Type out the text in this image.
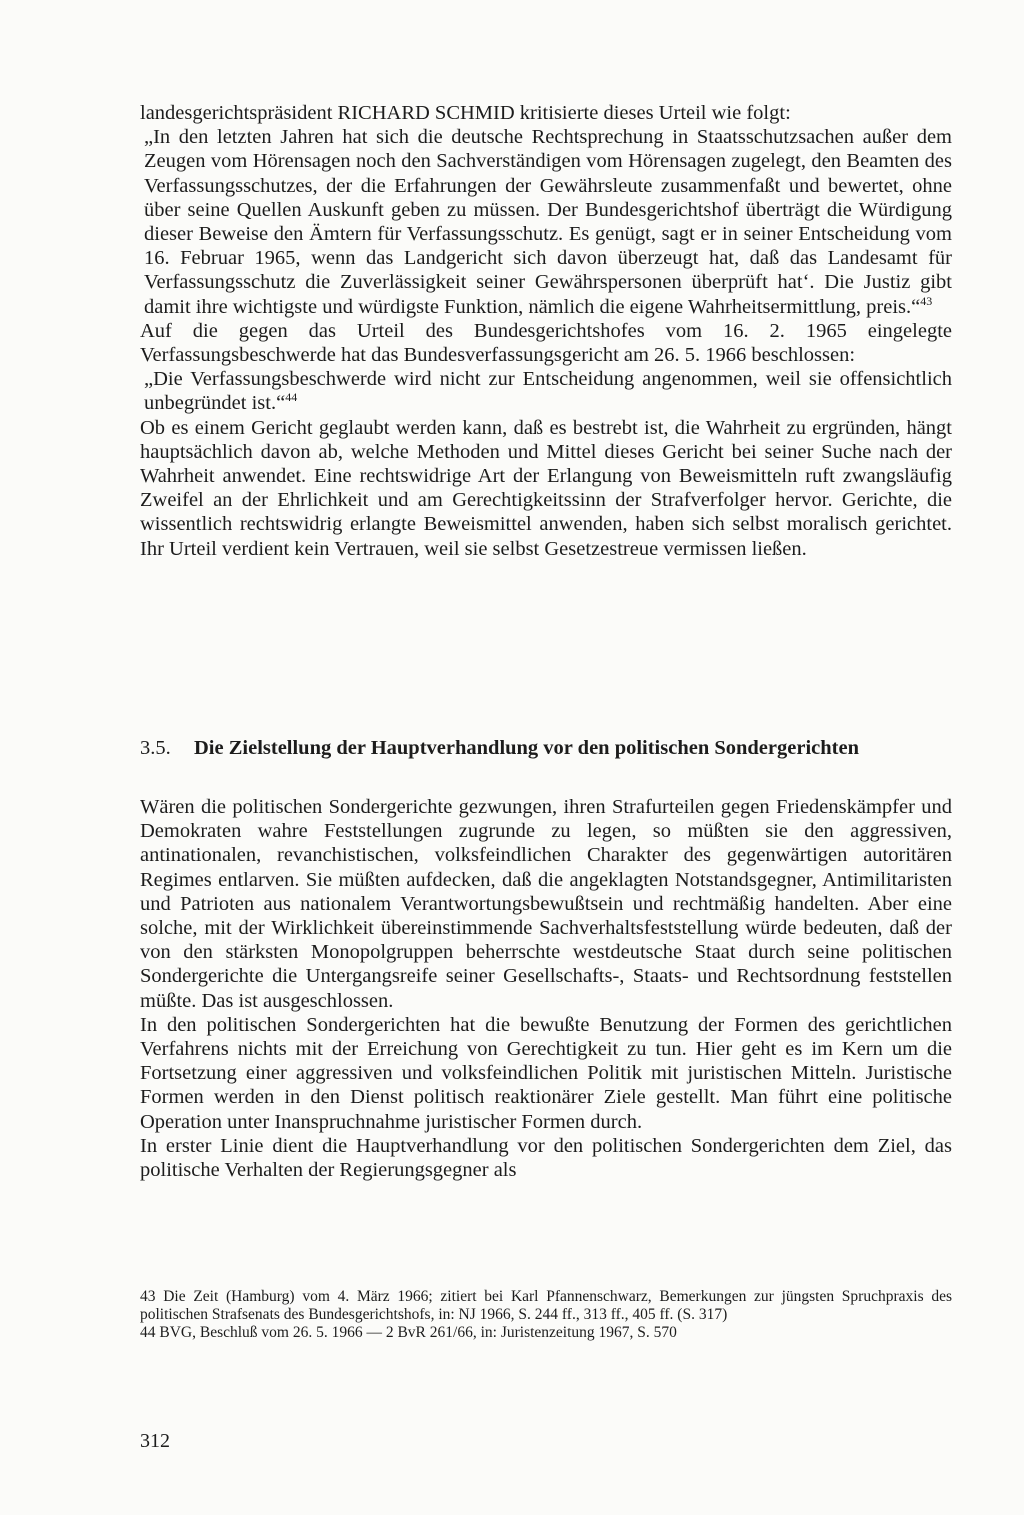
landesgerichtspräsident RICHARD SCHMID kritisierte dieses Urteil wie folgt:

„In den letzten Jahren hat sich die deutsche Rechtsprechung in Staatsschutzsachen außer dem Zeugen vom Hörensagen noch den Sachverständigen vom Hörensagen zugelegt, den Beamten des Verfassungsschutzes, der die Erfahrungen der Gewährsleute zusammenfaßt und bewertet, ohne über seine Quellen Auskunft geben zu müssen. Der Bundesgerichtshof überträgt die Würdigung dieser Beweise den Ämtern für Verfassungsschutz. Es genügt, sagt er in seiner Entscheidung vom 16. Februar 1965, wenn das Landgericht sich davon überzeugt hat, daß das Landesamt für Verfassungsschutz die Zuverlässigkeit seiner Gewährspersonen überprüft hat‘. Die Justiz gibt damit ihre wichtigste und würdigste Funktion, nämlich die eigene Wahrheitsermittlung, preis.“$^{43}$

Auf die gegen das Urteil des Bundesgerichtshofes vom 16. 2. 1965 eingelegte Verfassungsbeschwerde hat das Bundesverfassungsgericht am 26. 5. 1966 beschlossen:

„Die Verfassungsbeschwerde wird nicht zur Entscheidung angenommen, weil sie offensichtlich unbegründet ist.“$^{44}$

Ob es einem Gericht geglaubt werden kann, daß es bestrebt ist, die Wahrheit zu ergründen, hängt hauptsächlich davon ab, welche Methoden und Mittel dieses Gericht bei seiner Suche nach der Wahrheit anwendet. Eine rechtswidrige Art der Erlangung von Beweismitteln ruft zwangsläufig Zweifel an der Ehrlichkeit und am Gerechtigkeitssinn der Strafverfolger hervor. Gerichte, die wissentlich rechtswidrig erlangte Beweismittel anwenden, haben sich selbst moralisch gerichtet. Ihr Urteil verdient kein Vertrauen, weil sie selbst Gesetzestreue vermissen ließen.

3.5.	Die Zielstellung der Hauptverhandlung vor den politischen Sondergerichten

Wären die politischen Sondergerichte gezwungen, ihren Strafurteilen gegen Friedenskämpfer und Demokraten wahre Feststellungen zugrunde zu legen, so müßten sie den aggressiven, antinationalen, revanchistischen, volksfeindlichen Charakter des gegenwärtigen autoritären Regimes entlarven. Sie müßten aufdecken, daß die angeklagten Notstandsgegner, Antimilitaristen und Patrioten aus nationalem Verantwortungsbewußtsein und rechtmäßig handelten. Aber eine solche, mit der Wirklichkeit übereinstimmende Sachverhaltsfeststellung würde bedeuten, daß der von den stärksten Monopolgruppen beherrschte westdeutsche Staat durch seine politischen Sondergerichte die Untergangsreife seiner Gesellschafts-, Staats- und Rechtsordnung feststellen müßte. Das ist ausgeschlossen.

In den politischen Sondergerichten hat die bewußte Benutzung der Formen des gerichtlichen Verfahrens nichts mit der Erreichung von Gerechtigkeit zu tun. Hier geht es im Kern um die Fortsetzung einer aggressiven und volksfeindlichen Politik mit juristischen Mitteln. Juristische Formen werden in den Dienst politisch reaktionärer Ziele gestellt. Man führt eine politische Operation unter Inanspruchnahme juristischer Formen durch.

In erster Linie dient die Hauptverhandlung vor den politischen Sondergerichten dem Ziel, das politische Verhalten der Regierungsgegner als

43 Die Zeit (Hamburg) vom 4. März 1966; zitiert bei Karl Pfannenschwarz, Bemerkungen zur jüngsten Spruchpraxis des politischen Strafsenats des Bundesgerichtshofs, in: NJ 1966, S. 244 ff., 313 ff., 405 ff. (S. 317)

44 BVG, Beschluß vom 26. 5. 1966 — 2 BvR 261/66, in: Juristenzeitung 1967, S. 570

312
